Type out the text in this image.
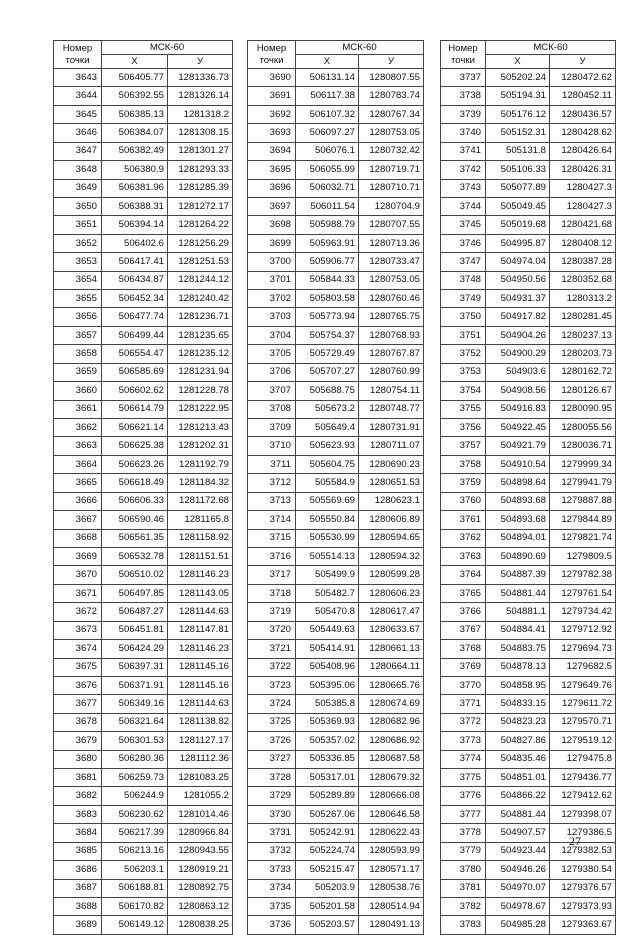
Номер
точки	МСК-60	
	X	У
3643	506405.77	1281336.73
3644	506392.55	1281326.14
3645	506385.13	1281318.2
3646	506384.07	1281308.15
3647	506382.49	1281301.27
3648	506380.9	1281293.33
3649	506381.96	1281285.39
3650	506388.31	1281272.17
3651	506394.14	1281264.22
3652	506402.6	1281256.29
3653	506417.41	1281251.53
3654	506434.87	1281244.12
3655	506452.34	1281240.42
3656	506477.74	1281236.71
3657	506499.44	1281235.65
3658	506554.47	1281235.12
3659	506585.69	1281231.94
3660	506602.62	1281228.78
3661	506614.79	1281222.95
3662	506621.14	1281213.43
3663	506625.38	1281202.31
3664	506623.26	1281192.79
3665	506618.49	1281184.32
3666	506606.33	1281172.68
3667	506590.46	1281165.8
3668	506561.35	1281158.92
3669	506532.78	1281151.51
3670	506510.02	1281146.23
3671	506497.85	1281143.05
3672	506487.27	1281144.63
3673	506451.81	1281147.81
3674	506424.29	1281146.23
3675	506397.31	1281145.16
3676	506371.91	1281145.16
3677	506349.16	1281144.63
3678	506321.64	1281138.82
3679	506301.53	1281127.17
3680	506280.36	1281112.36
3681	506259.73	1281083.25
3682	506244.9	1281055.2
3683	506230.62	1281014.46
3684	506217.39	1280966.84
3685	506213.16	1280943.55
3686	506203.1	1280919.21
3687	506188.81	1280892.75
3688	506170.82	1280863.12
3689	506149.12	1280838.25
Номер
точки	МСК-60	
	X	У
3690	506131.14	1280807.55
3691	506117.38	1280783.74
3692	506107.32	1280767.34
3693	506097.27	1280753.05
3694	506076.1	1280732.42
3695	506055.99	1280719.71
3696	506032.71	1280710.71
3697	506011.54	1280704.9
3698	505988.79	1280707.55
3699	505963.91	1280713.36
3700	505906.77	1280733.47
3701	505844.33	1280753.05
3702	505803.58	1280760.46
3703	505773.94	1280765.75
3704	505754.37	1280768.93
3705	505729.49	1280767.87
3706	505707.27	1280760.99
3707	505688.75	1280754.11
3708	505673.2	1280748.77
3709	505649.4	1280731.91
3710	505623.93	1280711.07
3711	505604.75	1280690.23
3712	505584.9	1280651.53
3713	505569.69	1280623.1
3714	505550.84	1280606.89
3715	505530.99	1280594.65
3716	505514.13	1280594.32
3717	505499.9	1280599.28
3718	505482.7	1280606.23
3719	505470.8	1280617.47
3720	505449.63	1280633.67
3721	505414.91	1280661.13
3722	505408.96	1280664.11
3723	505395.06	1280665.76
3724	505385.8	1280674.69
3725	505369.93	1280682.96
3726	505357.02	1280686.92
3727	505336.85	1280687.58
3728	505317.01	1280679.32
3729	505289.89	1280666.08
3730	505267.06	1280646.58
3731	505242.91	1280622.43
3732	505224.74	1280593.99
3733	505215.47	1280571.17
3734	505203.9	1280538.76
3735	505201.58	1280514.94
3736	505203.57	1280491.13
Номер
точки	МСК-60	
	X	У
3737	505202.24	1280472.62
3738	505194.31	1280452.11
3739	505176.12	1280436.57
3740	505152.31	1280428.62
3741	505131.8	1280426.64
3742	505106.33	1280426.31
3743	505077.89	1280427.3
3744	505049.45	1280427.3
3745	505019.68	1280421.68
3746	504995.87	1280408.12
3747	504974.04	1280387.28
3748	504950.56	1280352.68
3749	504931.37	1280313.2
3750	504917.82	1280281.45
3751	504904.26	1280237.13
3752	504900.29	1280203.73
3753	504903.6	1280162.72
3754	504908.56	1280126.67
3755	504916.83	1280090.95
3756	504922.45	1280055.56
3757	504921.79	1280036.71
3758	504910.54	1279999.34
3759	504898.64	1279941.79
3760	504893.68	1279887.88
3761	504893.68	1279844.89
3762	504894.01	1279821.74
3763	504890.69	1279809.5
3764	504887.39	1279782.38
3765	504881.44	1279761.54
3766	504881.1	1279734.42
3767	504884.41	1279712.92
3768	504883.75	1279694.73
3769	504878.13	1279682.5
3770	504858.95	1279649.76
3771	504833.15	1279611.72
3772	504823.23	1279570.71
3773	504827.86	1279519.12
3774	504835.46	1279475.8
3775	504851.01	1279436.77
3776	504866.22	1279412.62
3777	504881.44	1279398.07
3778	504907.57	1279386.5
3779	504923.44	1279382.53
3780	504946.26	1279380.54
3781	504970.07	1279376.57
3782	504978.67	1279373.93
3783	504985.28	1279363.67
27
